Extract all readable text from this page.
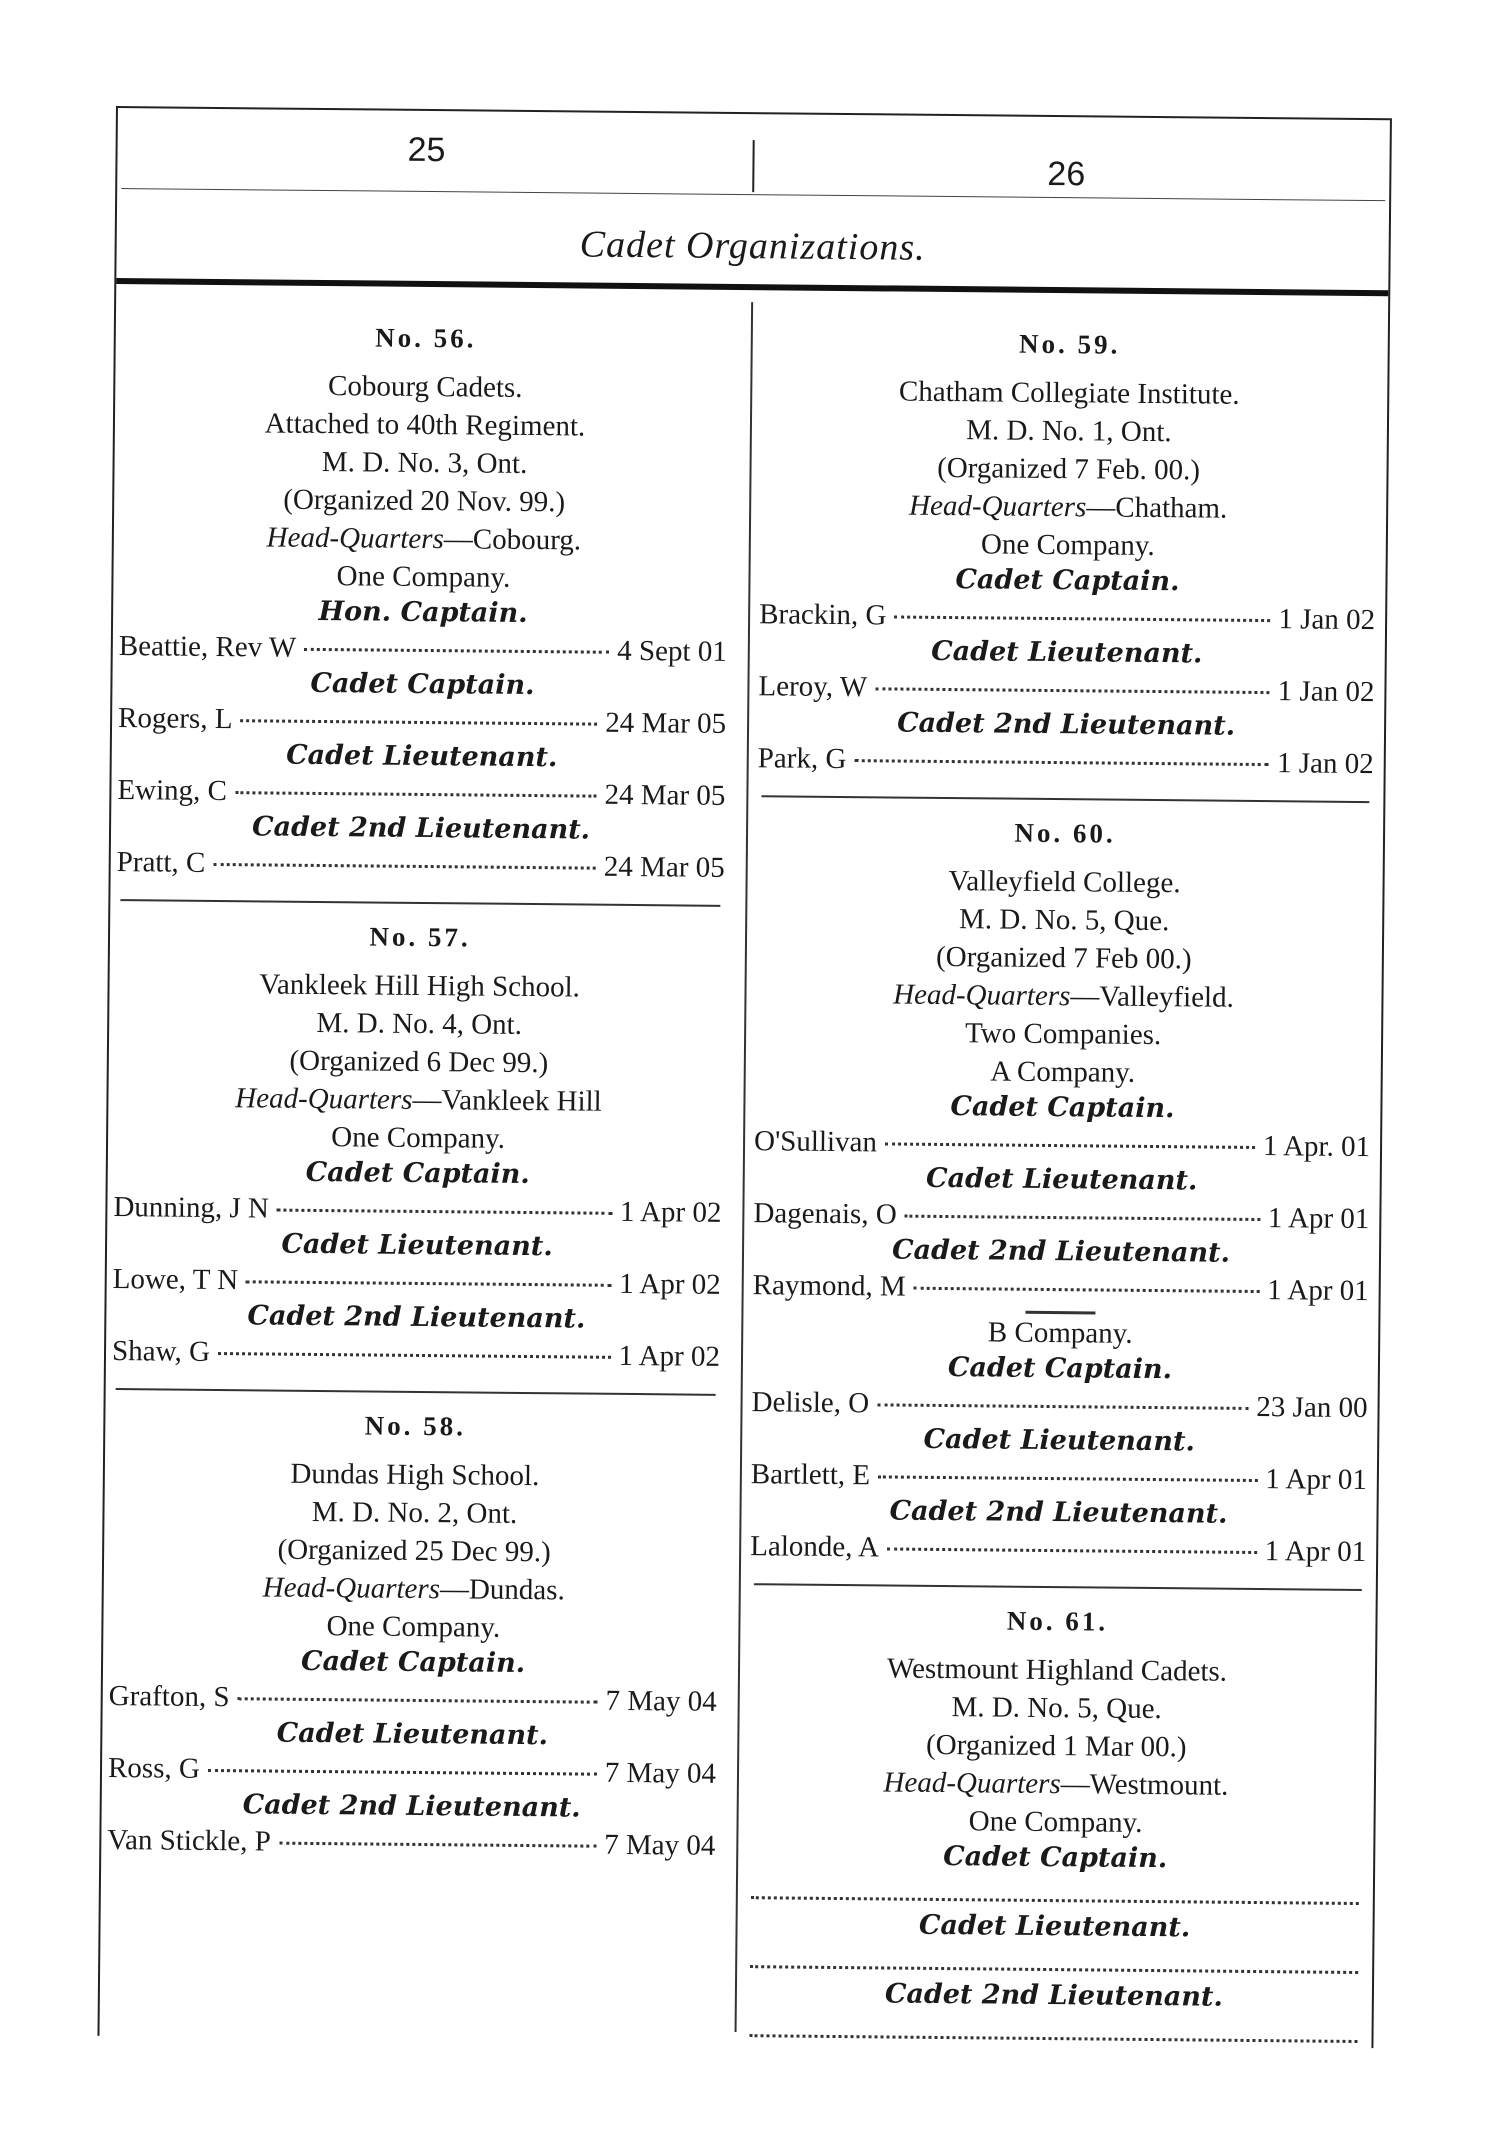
25
26
Cadet Organizations.
No. 56.
Cobourg Cadets.
Attached to 40th Regiment.
M. D. No. 3, Ont.
(Organized 20 Nov. 99.)
Head-Quarters—Cobourg.
One Company.
Hon. Captain.
Beattie, Rev W	4 Sept 01
Cadet Captain.
Rogers, L	24 Mar 05
Cadet Lieutenant.
Ewing, C	24 Mar 05
Cadet 2nd Lieutenant.
Pratt, C	24 Mar 05
No. 57.
Vankleek Hill High School.
M. D. No. 4, Ont.
(Organized 6 Dec 99.)
Head-Quarters—Vankleek Hill
One Company.
Cadet Captain.
Dunning, J N	1 Apr 02
Cadet Lieutenant.
Lowe, T N	1 Apr 02
Cadet 2nd Lieutenant.
Shaw, G	1 Apr 02
No. 58.
Dundas High School.
M. D. No. 2, Ont.
(Organized 25 Dec 99.)
Head-Quarters—Dundas.
One Company.
Cadet Captain.
Grafton, S	7 May 04
Cadet Lieutenant.
Ross, G	7 May 04
Cadet 2nd Lieutenant.
Van Stickle, P	7 May 04
No. 59.
Chatham Collegiate Institute.
M. D. No. 1, Ont.
(Organized 7 Feb. 00.)
Head-Quarters—Chatham.
One Company.
Cadet Captain.
Brackin, G	1 Jan 02
Cadet Lieutenant.
Leroy, W	1 Jan 02
Cadet 2nd Lieutenant.
Park, G	1 Jan 02
No. 60.
Valleyfield College.
M. D. No. 5, Que.
(Organized 7 Feb 00.)
Head-Quarters—Valleyfield.
Two Companies.
A Company.
Cadet Captain.
O'Sullivan	1 Apr. 01
Cadet Lieutenant.
Dagenais, O	1 Apr 01
Cadet 2nd Lieutenant.
Raymond, M	1 Apr 01
B Company.
Cadet Captain.
Delisle, O	23 Jan 00
Cadet Lieutenant.
Bartlett, E	1 Apr 01
Cadet 2nd Lieutenant.
Lalonde, A	1 Apr 01
No. 61.
Westmount Highland Cadets.
M. D. No. 5, Que.
(Organized 1 Mar 00.)
Head-Quarters—Westmount.
One Company.
Cadet Captain.
Cadet Lieutenant.
Cadet 2nd Lieutenant.
